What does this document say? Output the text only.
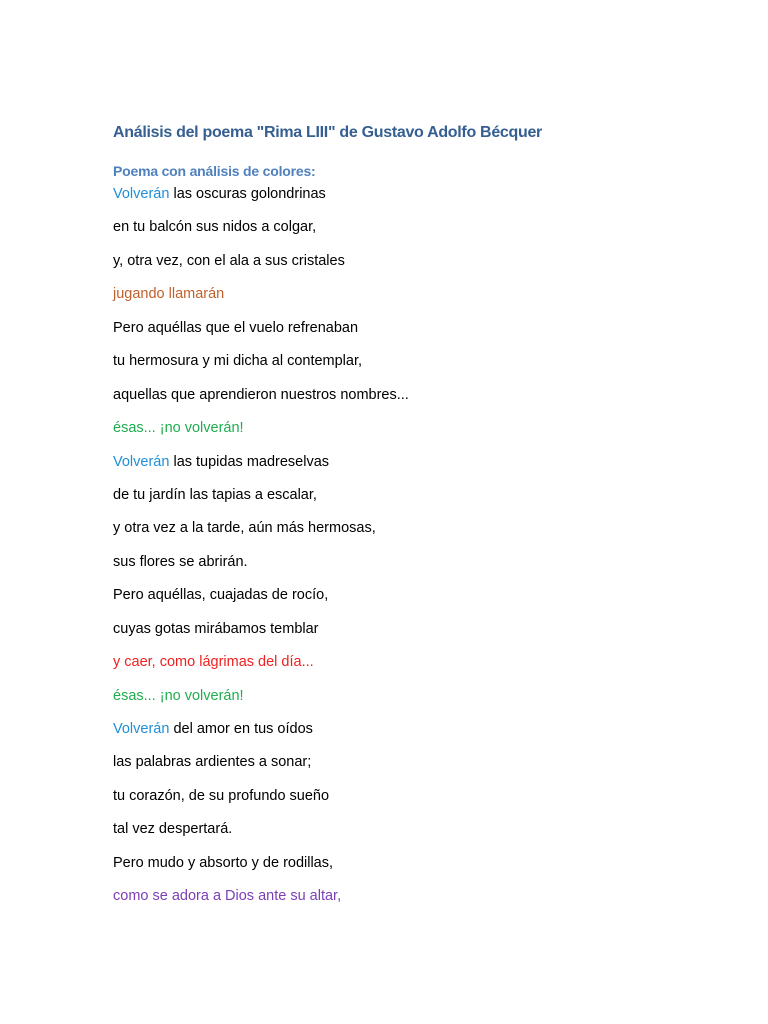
Análisis del poema "Rima LIII" de Gustavo Adolfo Bécquer
Poema con análisis de colores:
Volverán las oscuras golondrinas
en tu balcón sus nidos a colgar,
y, otra vez, con el ala a sus cristales
jugando llamarán
Pero aquéllas que el vuelo refrenaban
tu hermosura y mi dicha al contemplar,
aquellas que aprendieron nuestros nombres...
ésas... ¡no volverán!
Volverán las tupidas madreselvas
de tu jardín las tapias a escalar,
y otra vez a la tarde, aún más hermosas,
sus flores se abrirán.
Pero aquéllas, cuajadas de rocío,
cuyas gotas mirábamos temblar
y caer, como lágrimas del día...
ésas... ¡no volverán!
Volverán del amor en tus oídos
las palabras ardientes a sonar;
tu corazón, de su profundo sueño
tal vez despertará.
Pero mudo y absorto y de rodillas,
como se adora a Dios ante su altar,
